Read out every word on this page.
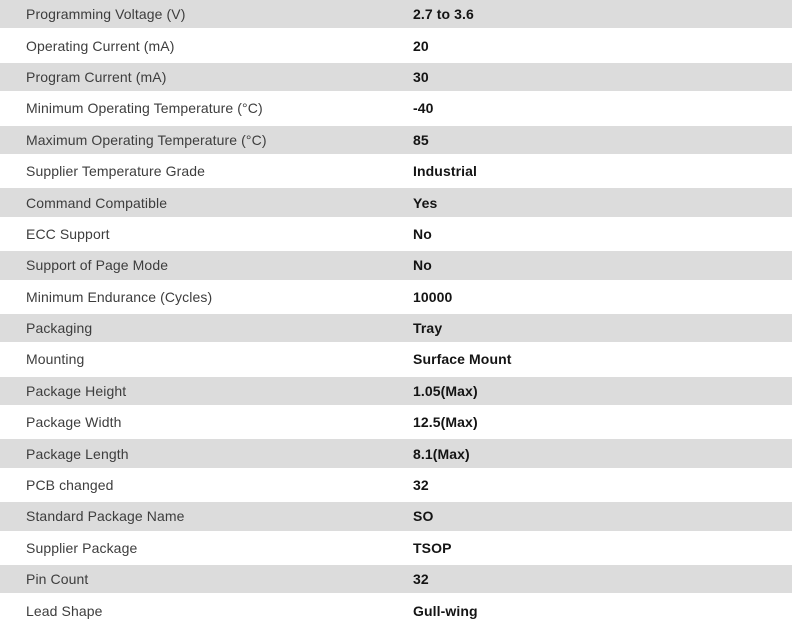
Programming Voltage (V)	2.7 to 3.6
Operating Current (mA)	20
Program Current (mA)	30
Minimum Operating Temperature (°C)	-40
Maximum Operating Temperature (°C)	85
Supplier Temperature Grade	Industrial
Command Compatible	Yes
ECC Support	No
Support of Page Mode	No
Minimum Endurance (Cycles)	10000
Packaging	Tray
Mounting	Surface Mount
Package Height	1.05(Max)
Package Width	12.5(Max)
Package Length	8.1(Max)
PCB changed	32
Standard Package Name	SO
Supplier Package	TSOP
Pin Count	32
Lead Shape	Gull-wing
